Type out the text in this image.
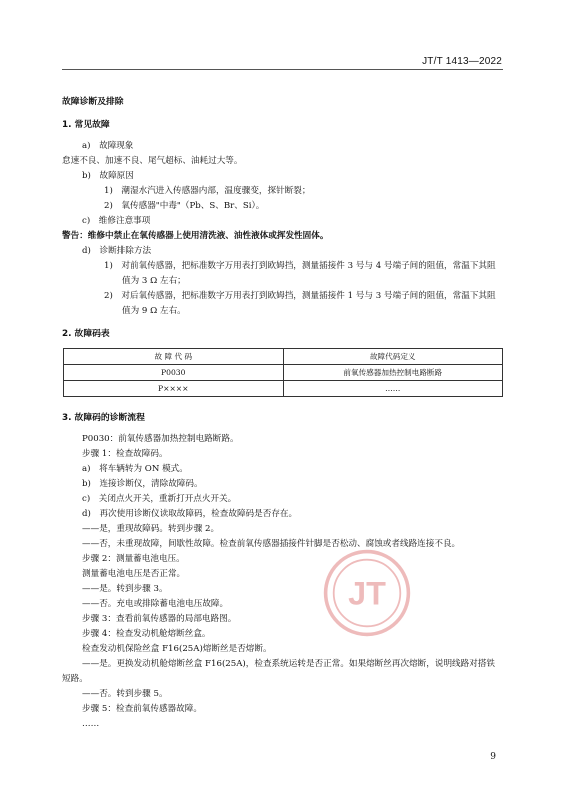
JT/T 1413—2022

故障诊断及排除

1. 常见故障

a)　 故障现象

怠速不良、加速不良、尾气超标、油耗过大等。

b)　 故障原因

1)　潮湿水汽进入传感器内部，温度骤变，探针断裂；

2)　氧传感器"中毒"（Pb、S、Br、Si）。

c)　 维修注意事项

警告：维修中禁止在氧传感器上使用清洗液、油性液体或挥发性固体。

d)　 诊断排除方法

1)　对前氧传感器，把标准数字万用表打到欧姆挡，测量插接件 3 号与 4 号端子间的阻值，常温下其阻值为 3 Ω 左右；

2)　对后氧传感器，把标准数字万用表打到欧姆挡，测量插接件 1 号与 3 号端子间的阻值，常温下其阻值为 9 Ω 左右。

2. 故障码表

故 障 代 码	故障代码定义
P0030	前氧传感器加热控制电路断路
P××××	……

3. 故障码的诊断流程

P0030：前氧传感器加热控制电路断路。

步骤 1：检查故障码。

a)　将车辆转为 ON 模式。

b)　连接诊断仪，清除故障码。

c)　关闭点火开关，重新打开点火开关。

d)　再次使用诊断仪读取故障码，检查故障码是否存在。

——是，重现故障码。转到步骤 2。

——否，未重现故障，间歇性故障。检查前氧传感器插接件针脚是否松动、腐蚀或者线路连接不良。

步骤 2：测量蓄电池电压。

测量蓄电池电压是否正常。

——是。转到步骤 3。

——否。充电或排除蓄电池电压故障。

步骤 3：查看前氧传感器的局部电路图。

步骤 4：检查发动机舱熔断丝盒。

检查发动机保险丝盒 F16(25A)熔断丝是否熔断。

——是。更换发动机舱熔断丝盒 F16(25A)，检查系统运转是否正常。如果熔断丝再次熔断，说明线路对搭铁短路。

——否。转到步骤 5。

步骤 5：检查前氧传感器故障。

……

JT
9
